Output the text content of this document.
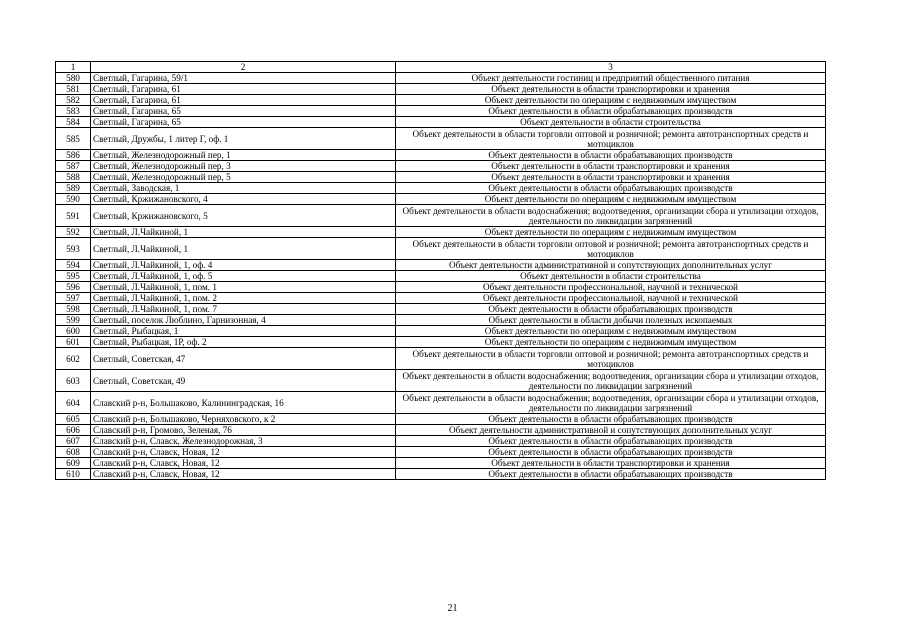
1	2	3
580	Светлый, Гагарина, 59/1	Объект деятельности гостиниц и предприятий общественного питания
581	Светлый, Гагарина, 61	Объект деятельности в области транспортировки и хранения
582	Светлый, Гагарина, 61	Объект деятельности по операциям с недвижимым имуществом
583	Светлый, Гагарина, 65	Объект деятельности в области обрабатывающих производств
584	Светлый, Гагарина, 65	Объект деятельности в области строительства
585	Светлый, Дружбы, 1 литер Г, оф. 1	Объект деятельности в области торговли оптовой и розничной; ремонта автотранспортных средств и мотоциклов
586	Светлый, Железнодорожный пер, 1	Объект деятельности в области обрабатывающих производств
587	Светлый, Железнодорожный пер, 3	Объект деятельности в области транспортировки и хранения
588	Светлый, Железнодорожный пер, 5	Объект деятельности в области транспортировки и хранения
589	Светлый, Заводская, 1	Объект деятельности в области обрабатывающих производств
590	Светлый, Кржижановского, 4	Объект деятельности по операциям с недвижимым имуществом
591	Светлый, Кржижановского, 5	Объект деятельности в области водоснабжения; водоотведения, организации сбора и утилизации отходов, деятельности по ликвидации загрязнений
592	Светлый, Л.Чайкиной, 1	Объект деятельности по операциям с недвижимым имуществом
593	Светлый, Л.Чайкиной, 1	Объект деятельности в области торговли оптовой и розничной; ремонта автотранспортных средств и мотоциклов
594	Светлый, Л.Чайкиной, 1, оф. 4	Объект деятельности административной и сопутствующих дополнительных услуг
595	Светлый, Л.Чайкиной, 1, оф. 5	Объект деятельности в области строительства
596	Светлый, Л.Чайкиной, 1, пом. 1	Объект деятельности профессиональной, научной и технической
597	Светлый, Л.Чайкиной, 1, пом. 2	Объект деятельности профессиональной, научной и технической
598	Светлый, Л.Чайкиной, 1, пом. 7	Объект деятельности в области обрабатывающих производств
599	Светлый, поселок Люблино, Гарнизонная, 4	Объект деятельности в области добычи полезных ископаемых
600	Светлый, Рыбацкая, 1	Объект деятельности по операциям с недвижимым имуществом
601	Светлый, Рыбацкая, 1Р, оф. 2	Объект деятельности по операциям с недвижимым имуществом
602	Светлый, Советская, 47	Объект деятельности в области торговли оптовой и розничной; ремонта автотранспортных средств и мотоциклов
603	Светлый, Советская, 49	Объект деятельности в области водоснабжения; водоотведения, организации сбора и утилизации отходов, деятельности по ликвидации загрязнений
604	Славский р-н, Большаково, Калининградская, 16	Объект деятельности в области водоснабжения; водоотведения, организации сбора и утилизации отходов, деятельности по ликвидации загрязнений
605	Славский р-н, Большаково, Черняховского, к 2	Объект деятельности в области обрабатывающих производств
606	Славский р-н, Громово, Зеленая, 76	Объект деятельности административной и сопутствующих дополнительных услуг
607	Славский р-н, Славск, Железнодорожная, 3	Объект деятельности в области обрабатывающих производств
608	Славский р-н, Славск, Новая, 12	Объект деятельности в области обрабатывающих производств
609	Славский р-н, Славск, Новая, 12	Объект деятельности в области транспортировки и хранения
610	Славский р-н, Славск, Новая, 12	Объект деятельности в области обрабатывающих производств
21
